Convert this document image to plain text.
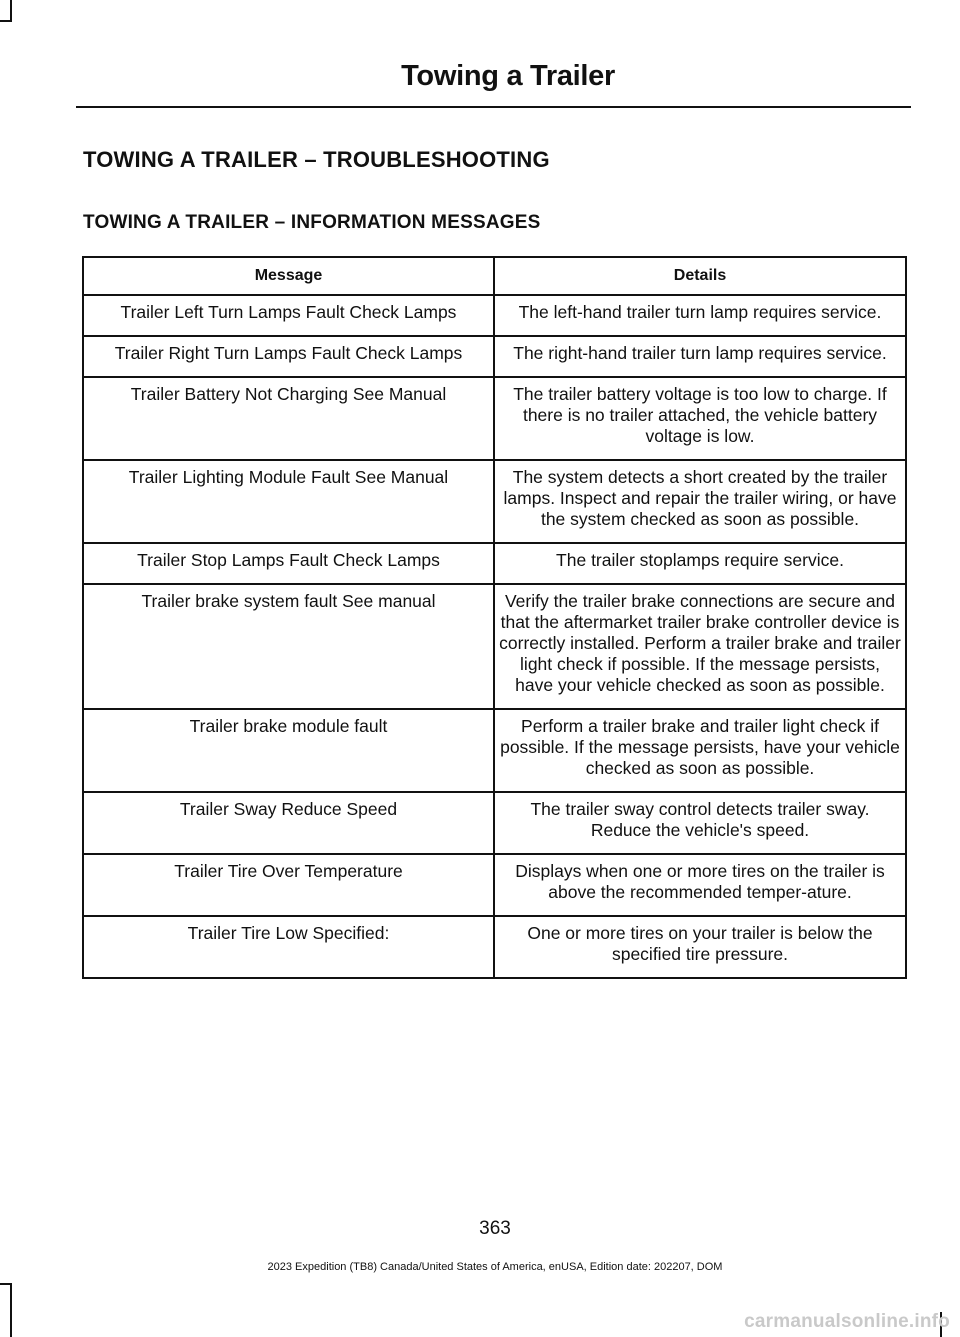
Towing a Trailer
TOWING A TRAILER – TROUBLESHOOTING
TOWING A TRAILER – INFORMATION MESSAGES
Message	Details
Trailer Left Turn Lamps Fault Check Lamps	The left-hand trailer turn lamp requires service.
Trailer Right Turn Lamps Fault Check Lamps	The right-hand trailer turn lamp requires service.
Trailer Battery Not Charging See Manual	The trailer battery voltage is too low to charge. If there is no trailer attached, the vehicle battery voltage is low.
Trailer Lighting Module Fault See Manual	The system detects a short created by the trailer lamps. Inspect and repair the trailer wiring, or have the system checked as soon as possible.
Trailer Stop Lamps Fault Check Lamps	The trailer stoplamps require service.
Trailer brake system fault See manual	Verify the trailer brake connections are secure and that the aftermarket trailer brake controller device is correctly installed. Perform a trailer brake and trailer light check if possible. If the message persists, have your vehicle checked as soon as possible.
Trailer brake module fault	Perform a trailer brake and trailer light check if possible. If the message persists, have your vehicle checked as soon as possible.
Trailer Sway Reduce Speed	The trailer sway control detects trailer sway. Reduce the vehicle's speed.
Trailer Tire Over Temperature	Displays when one or more tires on the trailer is above the recommended temper-ature.
Trailer Tire Low Specified:	One or more tires on your trailer is below the specified tire pressure.
363
2023 Expedition (TB8) Canada/United States of America, enUSA, Edition date: 202207, DOM
carmanualsonline.info
